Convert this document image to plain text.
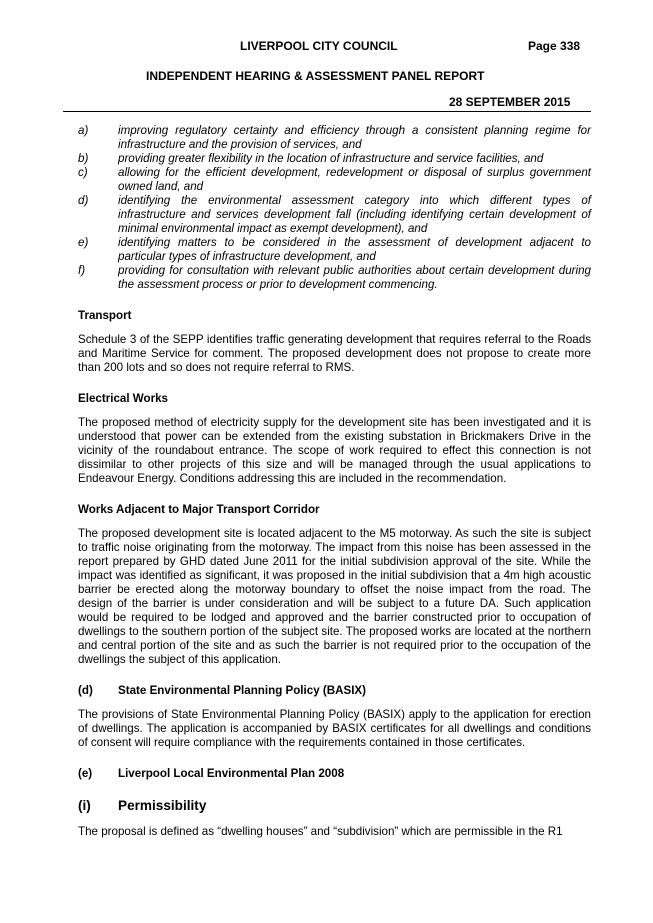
LIVERPOOL CITY COUNCIL	Page 338
INDEPENDENT HEARING & ASSESSMENT PANEL REPORT
28 SEPTEMBER 2015
a)	improving regulatory certainty and efficiency through a consistent planning regime for infrastructure and the provision of services, and
b)	providing greater flexibility in the location of infrastructure and service facilities, and
c)	allowing for the efficient development, redevelopment or disposal of surplus government owned land, and
d)	identifying the environmental assessment category into which different types of infrastructure and services development fall (including identifying certain development of minimal environmental impact as exempt development), and
e)	identifying matters to be considered in the assessment of development adjacent to particular types of infrastructure development, and
f)	providing for consultation with relevant public authorities about certain development during the assessment process or prior to development commencing.
Transport

Schedule 3 of the SEPP identifies traffic generating development that requires referral to the Roads and Maritime Service for comment. The proposed development does not propose to create more than 200 lots and so does not require referral to RMS.

Electrical Works

The proposed method of electricity supply for the development site has been investigated and it is understood that power can be extended from the existing substation in Brickmakers Drive in the vicinity of the roundabout entrance. The scope of work required to effect this connection is not dissimilar to other projects of this size and will be managed through the usual applications to Endeavour Energy. Conditions addressing this are included in the recommendation.

Works Adjacent to Major Transport Corridor

The proposed development site is located adjacent to the M5 motorway. As such the site is subject to traffic noise originating from the motorway. The impact from this noise has been assessed in the report prepared by GHD dated June 2011 for the initial subdivision approval of the site. While the impact was identified as significant, it was proposed in the initial subdivision that a 4m high acoustic barrier be erected along the motorway boundary to offset the noise impact from the road. The design of the barrier is under consideration and will be subject to a future DA. Such application would be required to be lodged and approved and the barrier constructed prior to occupation of dwellings to the southern portion of the subject site. The proposed works are located at the northern and central portion of the site and as such the barrier is not required prior to the occupation of the dwellings the subject of this application.

(d)	State Environmental Planning Policy (BASIX)

The provisions of State Environmental Planning Policy (BASIX) apply to the application for erection of dwellings. The application is accompanied by BASIX certificates for all dwellings and conditions of consent will require compliance with the requirements contained in those certificates.

(e)	Liverpool Local Environmental Plan 2008
(i)	Permissibility

The proposal is defined as “dwelling houses” and “subdivision” which are permissible in the R1
